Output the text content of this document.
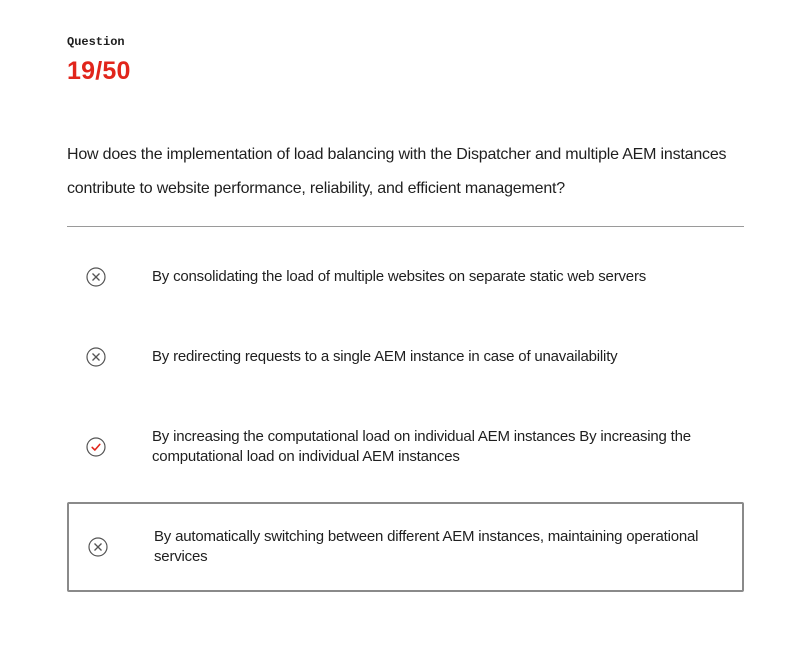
Question
19/50
How does the implementation of load balancing with the Dispatcher and multiple AEM instances contribute to website performance, reliability, and efficient management?
By consolidating the load of multiple websites on separate static web servers
By redirecting requests to a single AEM instance in case of unavailability
By increasing the computational load on individual AEM instances By increasing the computational load on individual AEM instances
By automatically switching between different AEM instances, maintaining operational services
